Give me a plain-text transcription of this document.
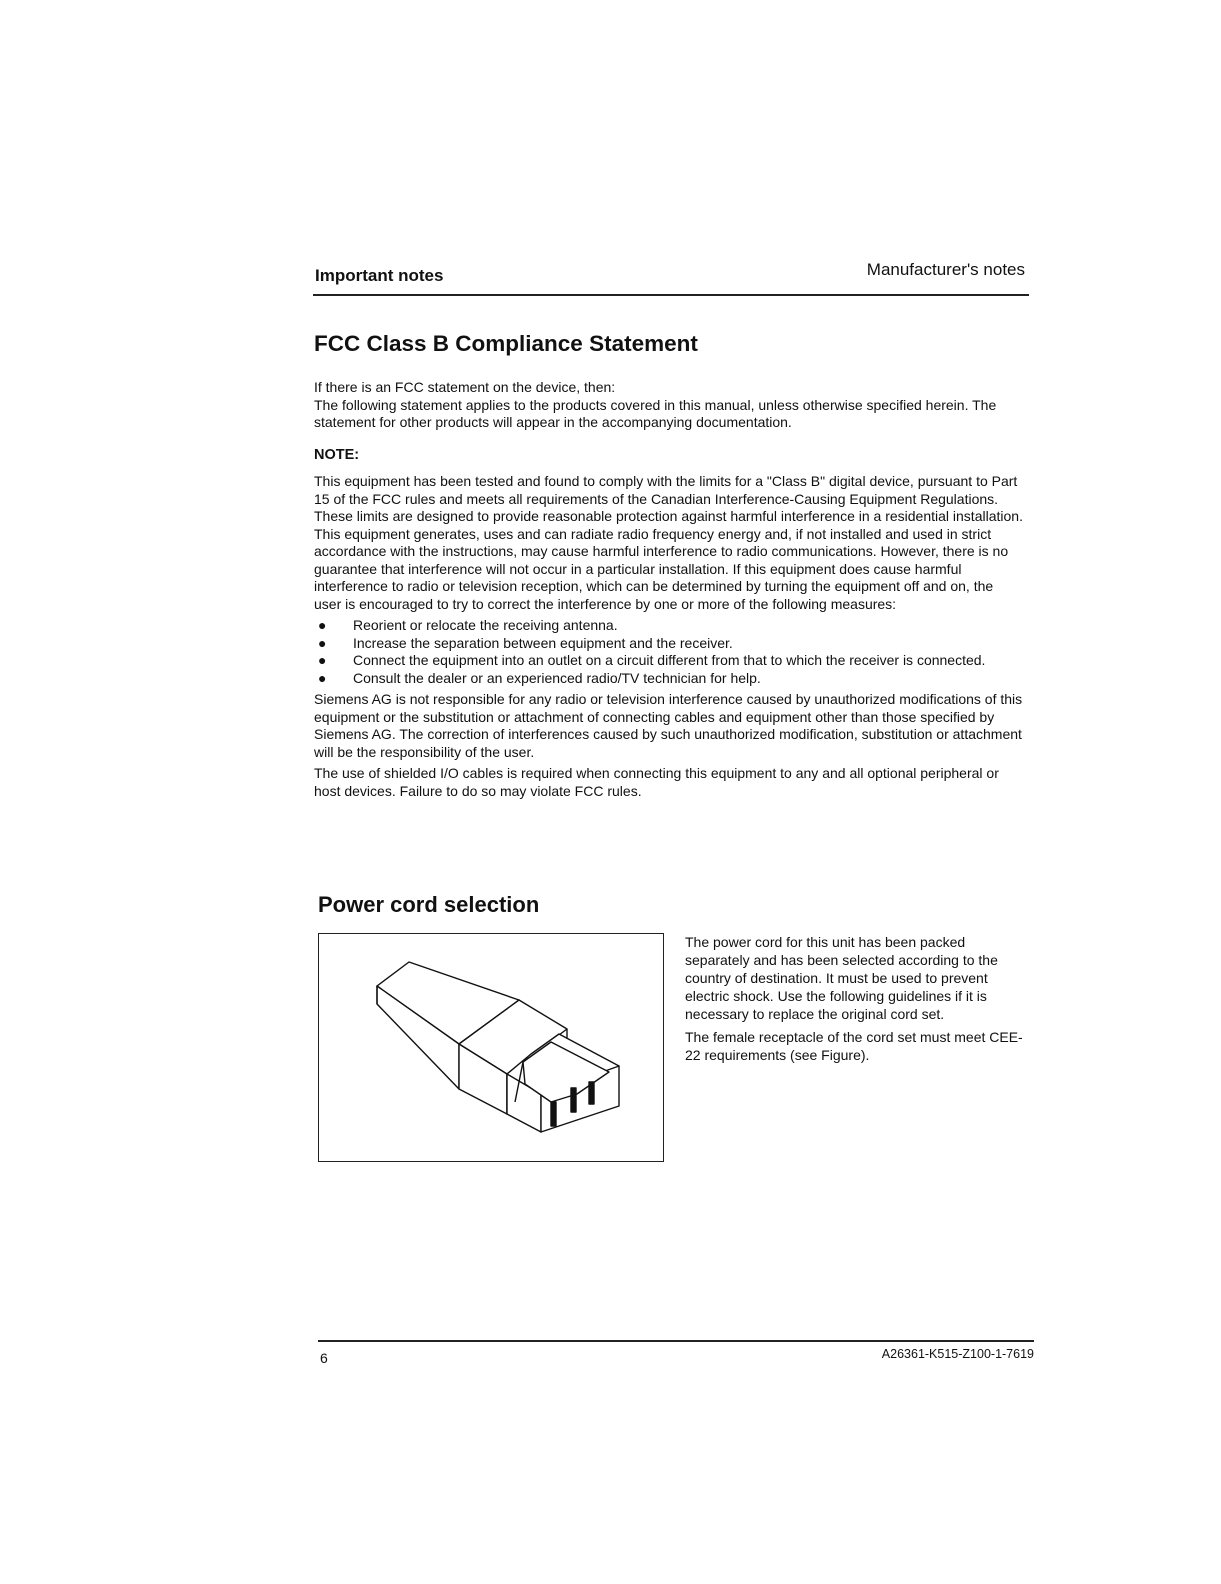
Important notes	Manufacturer's notes
FCC Class B Compliance Statement

If there is an FCC statement on the device, then:

The following statement applies to the products covered in this manual, unless otherwise specified herein. The statement for other products will appear in the accompanying documentation.

NOTE:

This equipment has been tested and found to comply with the limits for a "Class B" digital device, pursuant to Part 15 of the FCC rules and meets all requirements of the Canadian Interference-Causing Equipment Regulations. These limits are designed to provide reasonable protection against harmful interference in a residential installation. This equipment generates, uses and can radiate radio frequency energy and, if not installed and used in strict accordance with the instructions, may cause harmful interference to radio communications. However, there is no guarantee that interference will not occur in a particular installation. If this equipment does cause harmful interference to radio or television reception, which can be determined by turning the equipment off and on, the user is encouraged to try to correct the interference by one or more of the following measures:

● Reorient or relocate the receiving antenna.
● Increase the separation between equipment and the receiver.
● Connect the equipment into an outlet on a circuit different from that to which the receiver is connected.
● Consult the dealer or an experienced radio/TV technician for help.

Siemens AG is not responsible for any radio or television interference caused by unauthorized modifications of this equipment or the substitution or attachment of connecting cables and equipment other than those specified by Siemens AG. The correction of interferences caused by such unauthorized modification, substitution or attachment will be the responsibility of the user.

The use of shielded I/O cables is required when connecting this equipment to any and all optional peripheral or host devices. Failure to do so may violate FCC rules.

Power cord selection

The power cord for this unit has been packed separately and has been selected according to the country of destination. It must be used to prevent electric shock. Use the following guidelines if it is necessary to replace the original cord set.

The female receptacle of the cord set must meet CEE-22 requirements (see Figure).

6	A26361-K515-Z100-1-7619
